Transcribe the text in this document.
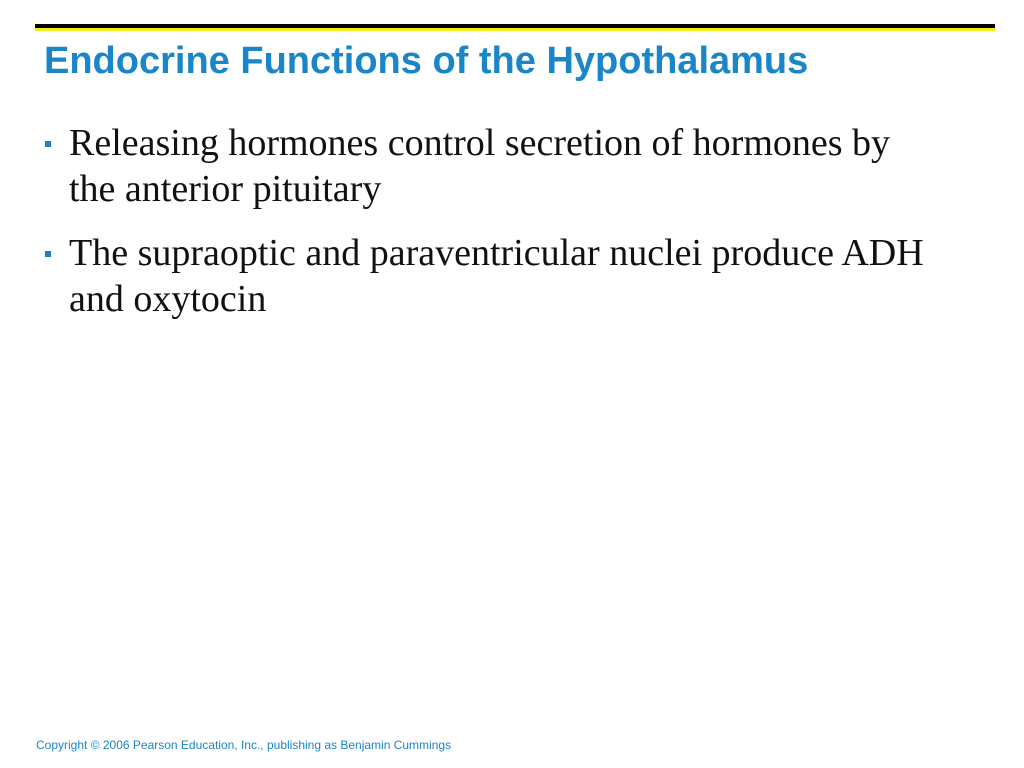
Endocrine Functions of the Hypothalamus
Releasing hormones control secretion of hormones by the anterior pituitary
The supraoptic and paraventricular nuclei produce ADH and oxytocin
Copyright © 2006 Pearson Education, Inc., publishing as Benjamin Cummings
